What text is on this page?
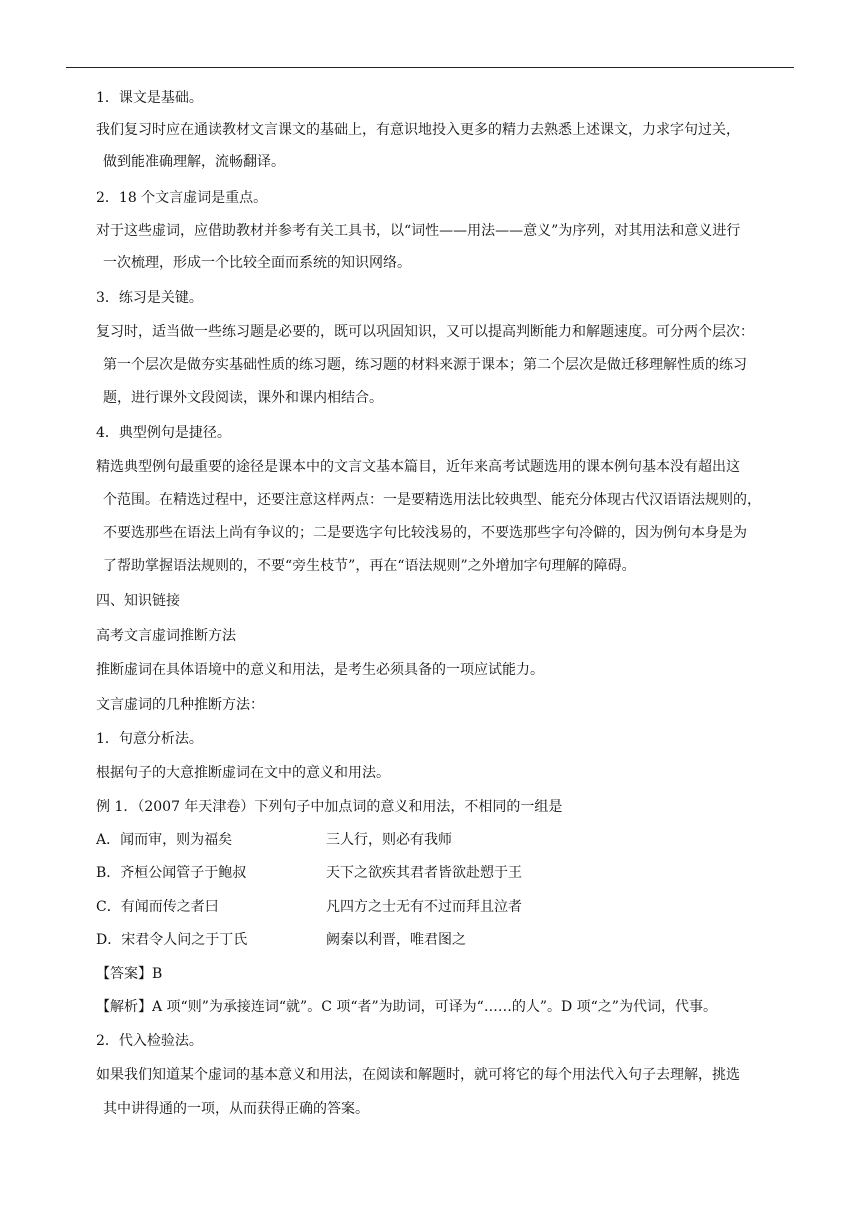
1．课文是基础。
我们复习时应在通读教材文言课文的基础上，有意识地投入更多的精力去熟悉上述课文，力求字句过关，
做到能准确理解，流畅翻译。
2．18 个文言虚词是重点。
对于这些虚词，应借助教材并参考有关工具书，以“词性——用法——意义”为序列，对其用法和意义进行
一次梳理，形成一个比较全面而系统的知识网络。
3．练习是关键。
复习时，适当做一些练习题是必要的，既可以巩固知识，又可以提高判断能力和解题速度。可分两个层次：
第一个层次是做夯实基础性质的练习题，练习题的材料来源于课本；第二个层次是做迁移理解性质的练习
题，进行课外文段阅读，课外和课内相结合。
4．典型例句是捷径。
精选典型例句最重要的途径是课本中的文言文基本篇目，近年来高考试题选用的课本例句基本没有超出这
个范围。在精选过程中，还要注意这样两点：一是要精选用法比较典型、能充分体现古代汉语语法规则的，
不要选那些在语法上尚有争议的；二是要选字句比较浅易的，不要选那些字句冷僻的，因为例句本身是为
了帮助掌握语法规则的，不要“旁生枝节”，再在“语法规则”之外增加字句理解的障碍。
四、知识链接
高考文言虚词推断方法
推断虚词在具体语境中的意义和用法，是考生必须具备的一项应试能力。
文言虚词的几种推断方法：
1．句意分析法。
根据句子的大意推断虚词在文中的意义和用法。
例 1．（2007 年天津卷）下列句子中加点词的意义和用法，不相同的一组是
A．闻而审，则为福矣	三人行，则必有我师
B．齐桓公闻管子于鲍叔	天下之欲疾其君者皆欲赴愬于王
C．有闻而传之者曰	凡四方之士无有不过而拜且泣者
D．宋君令人问之于丁氏	阙秦以利晋，唯君图之
【答案】B
【解析】A 项“则”为承接连词“就”。C 项“者”为助词，可译为“……的人”。D 项“之”为代词，代事。
2．代入检验法。
如果我们知道某个虚词的基本意义和用法，在阅读和解题时，就可将它的每个用法代入句子去理解，挑选
其中讲得通的一项，从而获得正确的答案。
